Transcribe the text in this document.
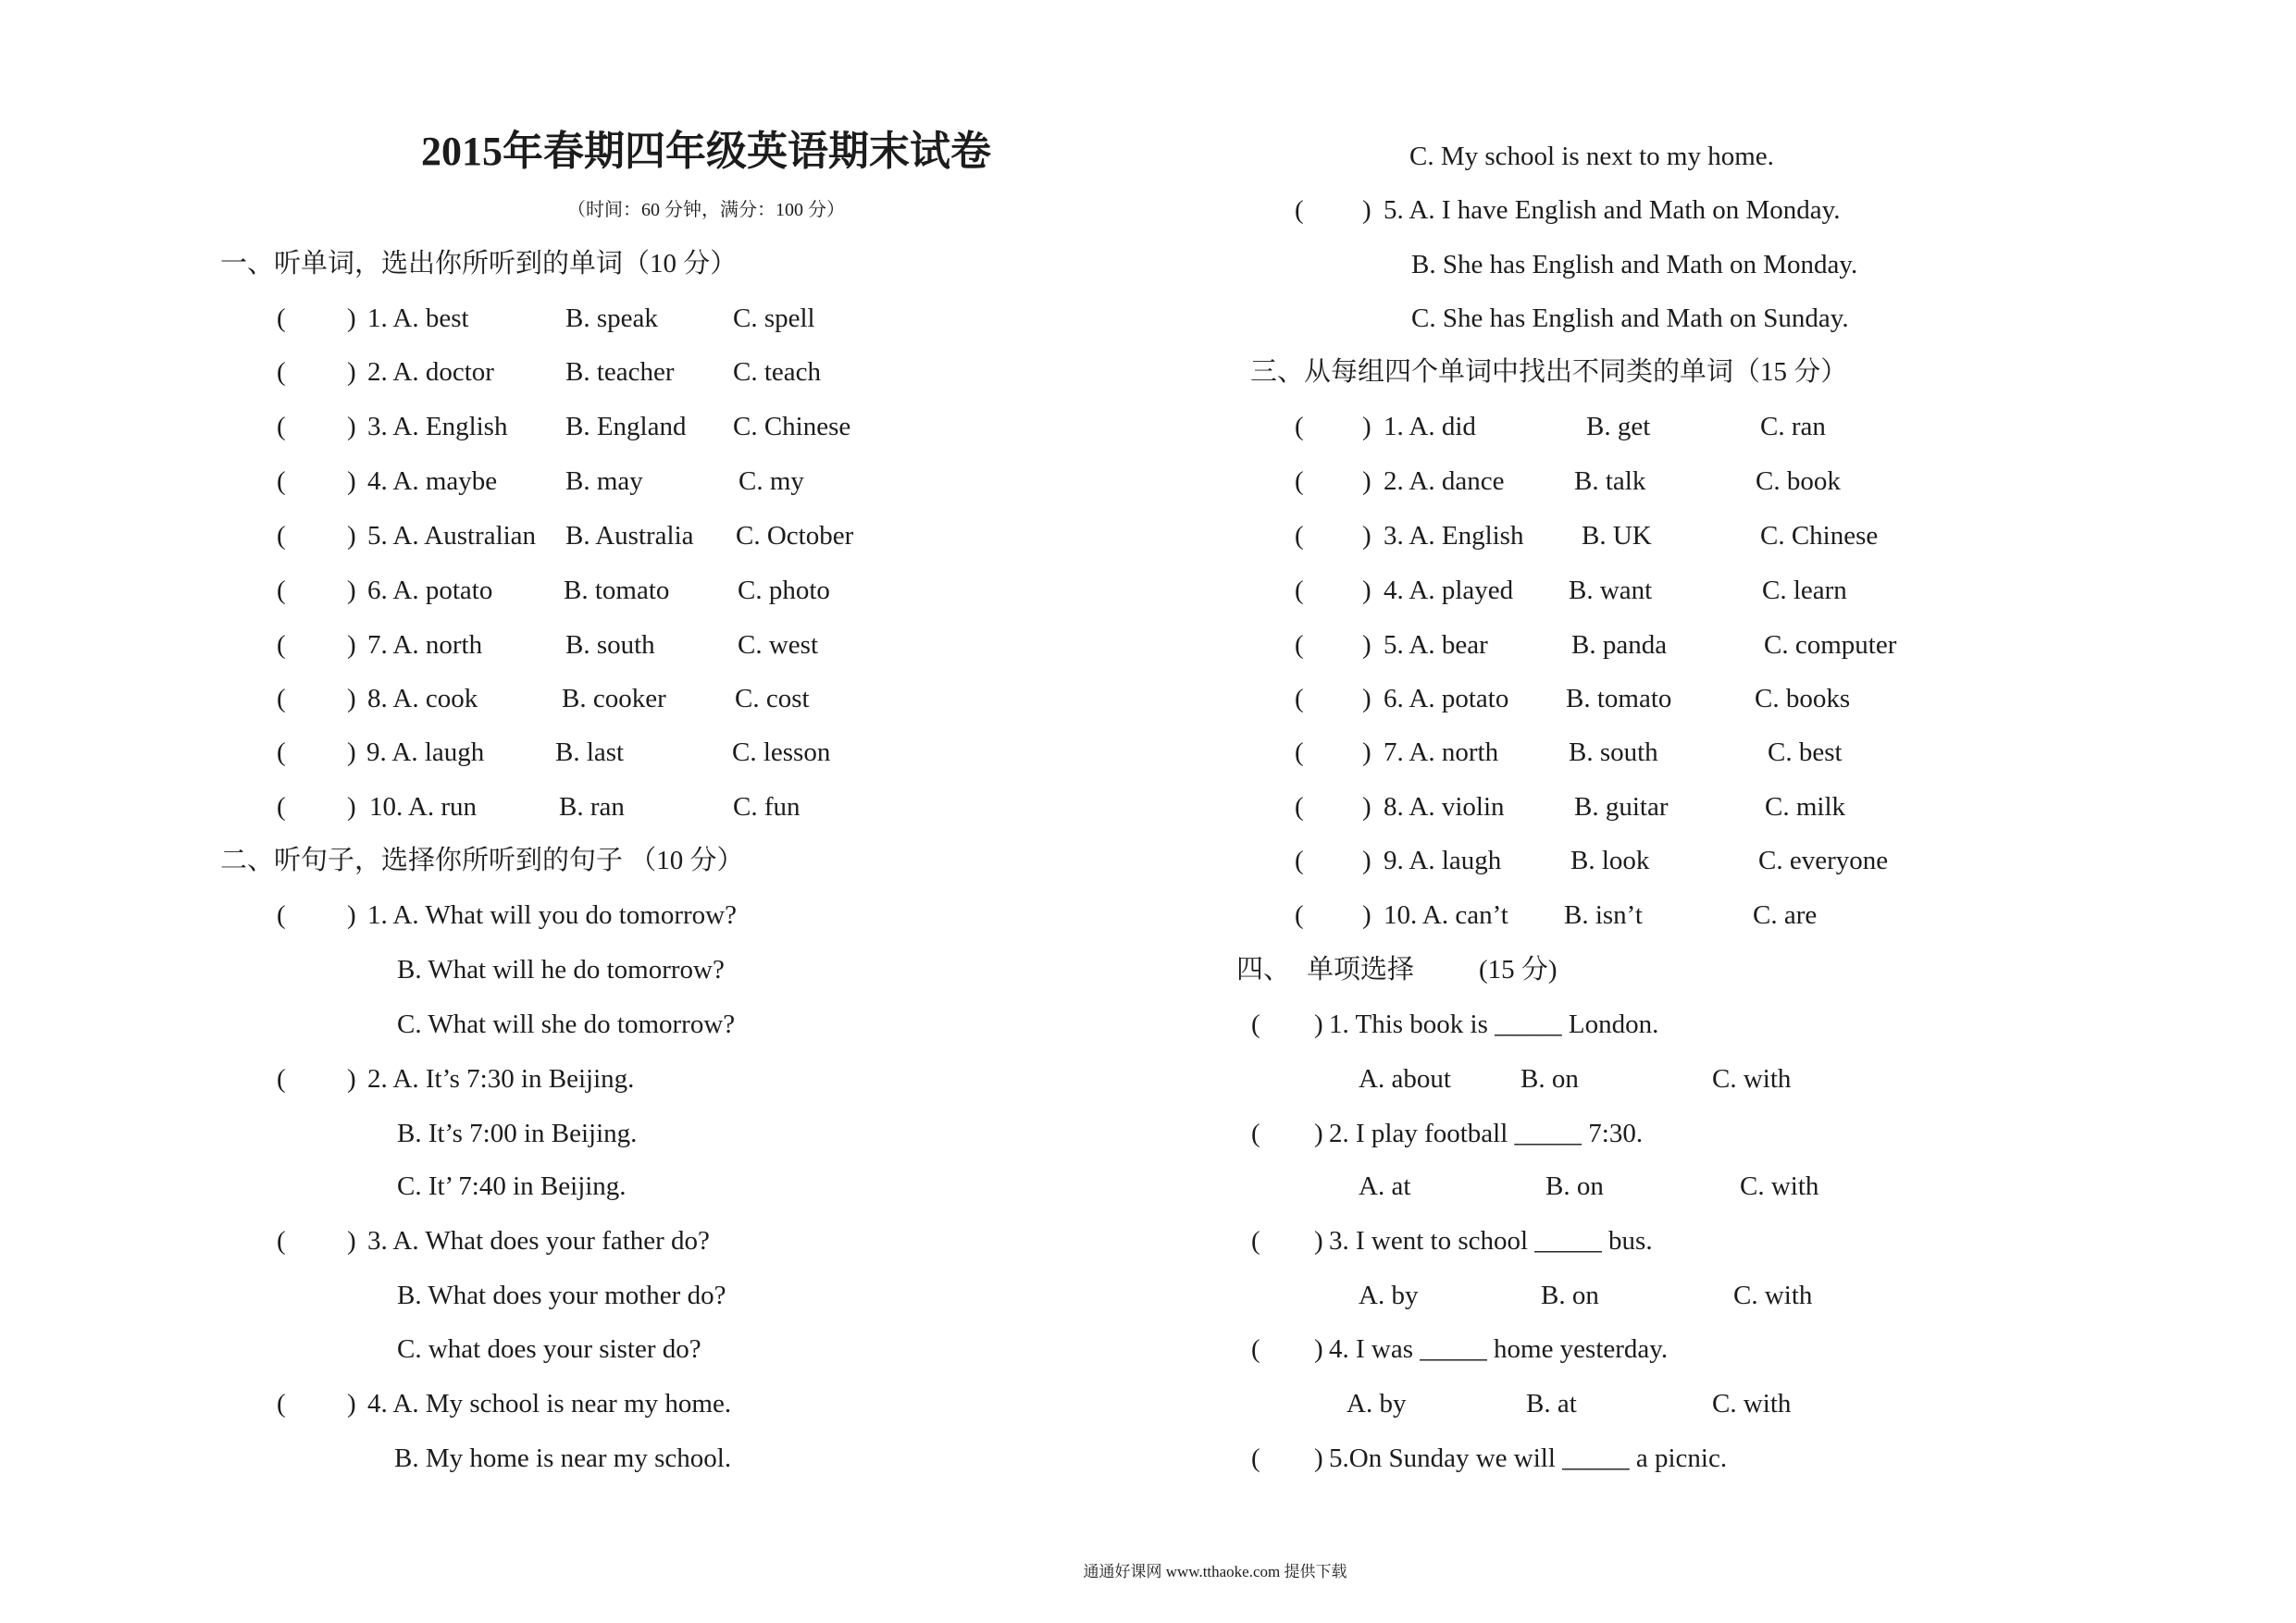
2015年春期四年级英语期末试卷
（时间：60 分钟，满分：100 分）
一、听单词，选出你所听到的单词（10 分）
( ) 1. A. best	B. speak	C. spell
( ) 2. A. doctor	B. teacher C. teach
( ) 3. A. English B. England C. Chinese
( ) 4. A. maybe	B. may	C. my
( ) 5. A. Australian B. Australia C. October
( ) 6. A. potato	B. tomato	C. photo
( ) 7. A. north	B. south	C. west
( ) 8. A. cook	B. cooker	C. cost
( ) 9. A. laugh	B. last	C. lesson
( ) 10. A. run	B. ran	C. fun
二、听句子，选择你所听到的句子 （10 分）
( ) 1. A. What will you do tomorrow?
B. What will he do tomorrow?
C. What will she do tomorrow?
( ) 2. A. It’s 7:30 in Beijing.
B. It’s 7:00 in Beijing.
C. It’ 7:40 in Beijing.
( ) 3. A. What does your father do?
B. What does your mother do?
C. what does your sister do?
( ) 4. A. My school is near my home.
B. My home is near my school.
C. My school is next to my home.
( ) 5. A. I have English and Math on Monday.
B. She has English and Math on Monday.
C. She has English and Math on Sunday.
三、从每组四个单词中找出不同类的单词（15 分）
( ) 1. A. did	B. get	C. ran
( ) 2. A. dance	B. talk	C. book
( ) 3. A. English B. UK	C. Chinese
( ) 4. A. played B. want	C. learn
( ) 5. A. bear	B. panda	C. computer
( ) 6. A. potato B. tomato	C. books
( ) 7. A. north	B. south	C. best
( ) 8. A. violin	B. guitar	C. milk
( ) 9. A. laugh	B. look	C. everyone
( ) 10. A. can’t B. isn’t	C. are
四、 单项选择 (15 分)
( ) 1. This book is _____ London.
A. about	B. on	C. with
( ) 2. I play football _____ 7:30.
A. at	B. on	C. with
( ) 3. I went to school _____ bus.
A. by	B. on	C. with
( ) 4. I was _____ home yesterday.
A. by	B. at	C. with
( ) 5.On Sunday we will _____ a picnic.
通通好课网 www.tthaoke.com 提供下载
